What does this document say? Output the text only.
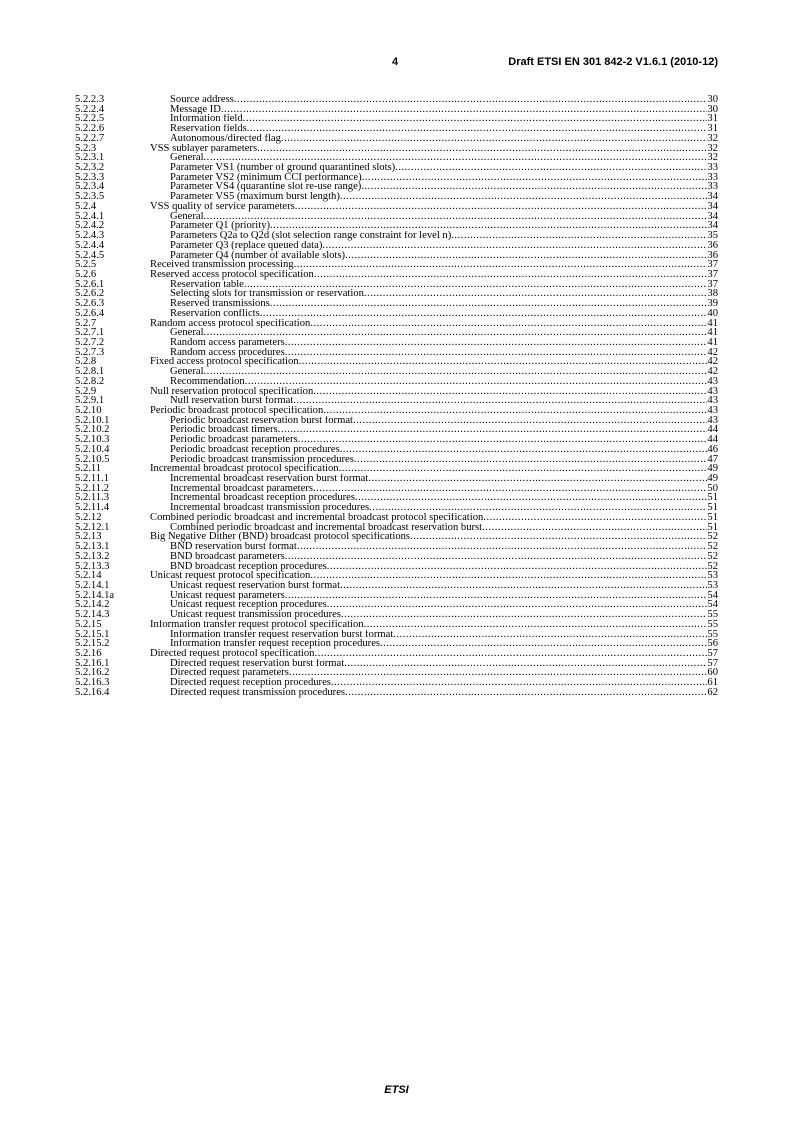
4	Draft ETSI EN 301 842-2 V1.6.1 (2010-12)
5.2.2.3	Source address .....	30
5.2.2.4	Message ID .....	30
5.2.2.5	Information field .....	31
5.2.2.6	Reservation fields .....	31
5.2.2.7	Autonomous/directed flag .....	32
5.2.3	VSS sublayer parameters .....	32
5.2.3.1	General .....	32
5.2.3.2	Parameter VS1 (number of ground quarantined slots) .....	33
5.2.3.3	Parameter VS2 (minimum CCI performance) .....	33
5.2.3.4	Parameter VS4 (quarantine slot re-use range) .....	33
5.2.3.5	Parameter VS5 (maximum burst length) .....	34
5.2.4	VSS quality of service parameters .....	34
5.2.4.1	General .....	34
5.2.4.2	Parameter Q1 (priority) .....	34
5.2.4.3	Parameters Q2a to Q2d (slot selection range constraint for level n) .....	35
5.2.4.4	Parameter Q3 (replace queued data) .....	36
5.2.4.5	Parameter Q4 (number of available slots) .....	36
5.2.5	Received transmission processing .....	37
5.2.6	Reserved access protocol specification .....	37
5.2.6.1	Reservation table .....	37
5.2.6.2	Selecting slots for transmission or reservation .....	38
5.2.6.3	Reserved transmissions .....	39
5.2.6.4	Reservation conflicts .....	40
5.2.7	Random access protocol specification .....	41
5.2.7.1	General .....	41
5.2.7.2	Random access parameters .....	41
5.2.7.3	Random access procedures .....	42
5.2.8	Fixed access protocol specification .....	42
5.2.8.1	General .....	42
5.2.8.2	Recommendation .....	43
5.2.9	Null reservation protocol specification .....	43
5.2.9.1	Null reservation burst format .....	43
5.2.10	Periodic broadcast protocol specification .....	43
5.2.10.1	Periodic broadcast reservation burst format .....	43
5.2.10.2	Periodic broadcast timers .....	44
5.2.10.3	Periodic broadcast parameters .....	44
5.2.10.4	Periodic broadcast reception procedures .....	46
5.2.10.5	Periodic broadcast transmission procedures .....	47
5.2.11	Incremental broadcast protocol specification .....	49
5.2.11.1	Incremental broadcast reservation burst format .....	49
5.2.11.2	Incremental broadcast parameters .....	50
5.2.11.3	Incremental broadcast reception procedures .....	51
5.2.11.4	Incremental broadcast transmission procedures .....	51
5.2.12	Combined periodic broadcast and incremental broadcast protocol specification .....	51
5.2.12.1	Combined periodic broadcast and incremental broadcast reservation burst .....	51
5.2.13	Big Negative Dither (BND) broadcast protocol specifications .....	52
5.2.13.1	BND reservation burst format .....	52
5.2.13.2	BND broadcast parameters .....	52
5.2.13.3	BND broadcast reception procedures .....	52
5.2.14	Unicast request protocol specification .....	53
5.2.14.1	Unicast request reservation burst format .....	53
5.2.14.1a	Unicast request parameters .....	54
5.2.14.2	Unicast request reception procedures .....	54
5.2.14.3	Unicast request transmission procedures .....	55
5.2.15	Information transfer request protocol specification .....	55
5.2.15.1	Information transfer request reservation burst format .....	55
5.2.15.2	Information transfer request reception procedures .....	56
5.2.16	Directed request protocol specification .....	57
5.2.16.1	Directed request reservation burst format .....	57
5.2.16.2	Directed request parameters .....	60
5.2.16.3	Directed request reception procedures .....	61
5.2.16.4	Directed request transmission procedures .....	62
ETSI
